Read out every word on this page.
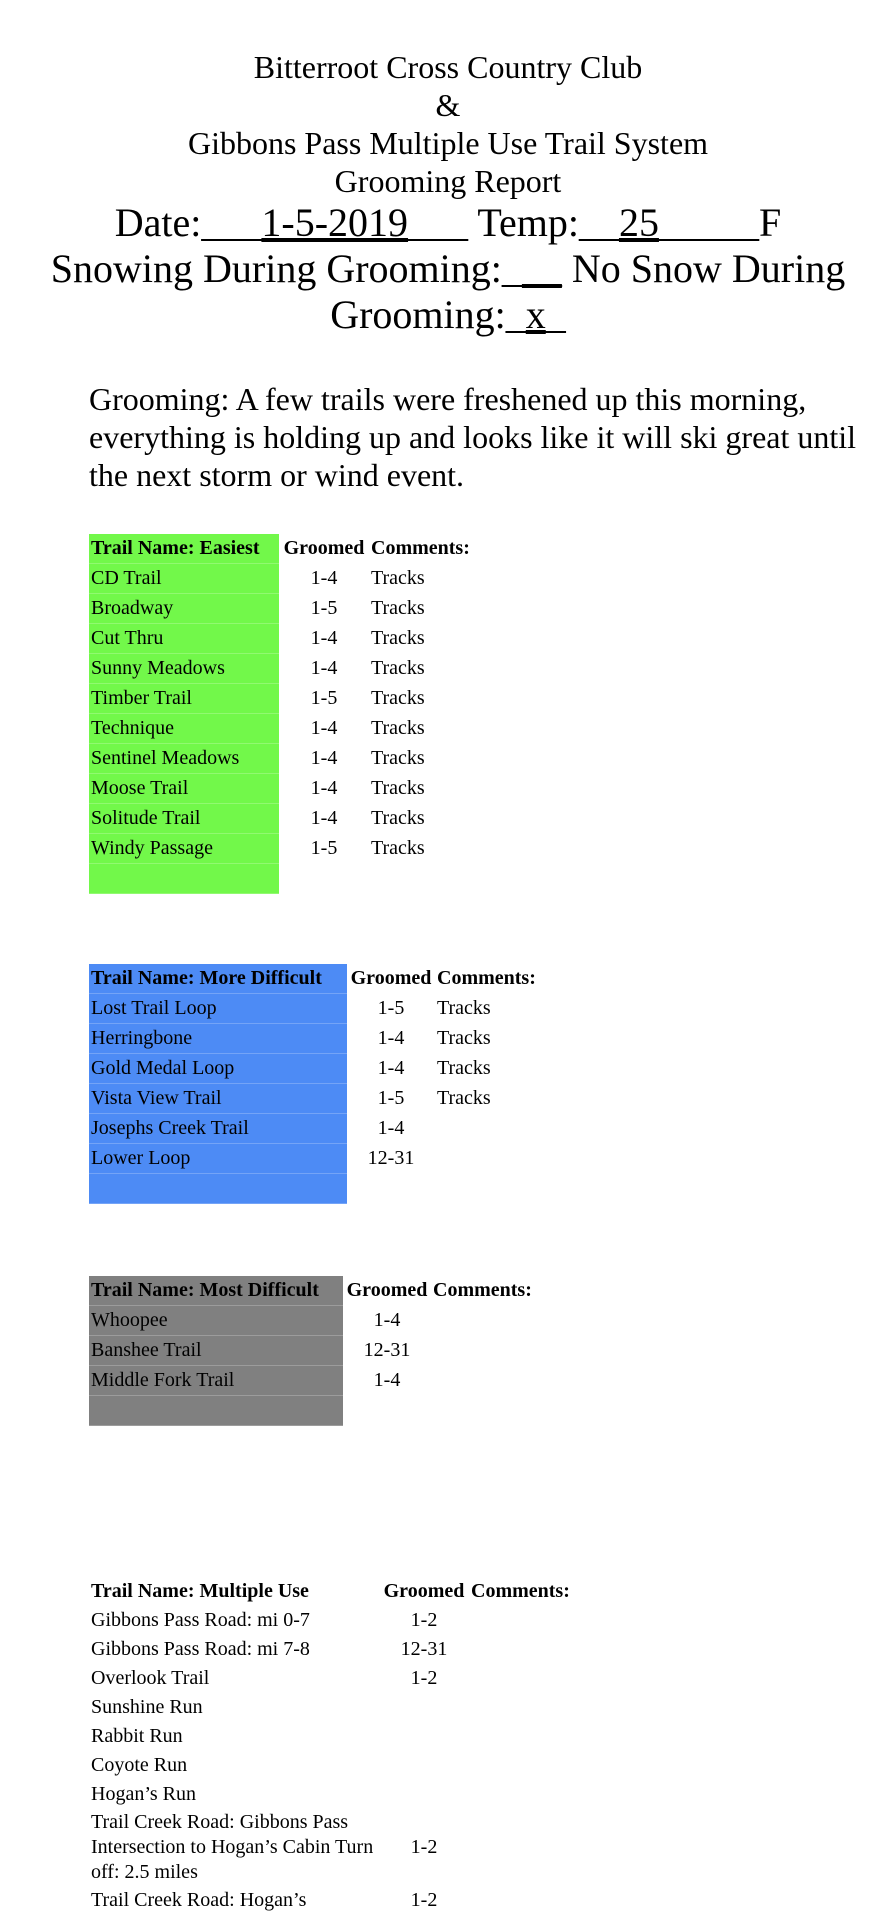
Bitterroot Cross Country Club
&
Gibbons Pass Multiple Use Trail System
Grooming Report
Date:___1-5-2019___ Temp:__25_____F
Snowing During Grooming:___ No Snow During
Grooming:_x_
Grooming: A few trails were freshened up this morning, everything is holding up and looks like it will ski great until the next storm or wind event.
Trail Name: Easiest	Groomed	Comments:
CD Trail	1-4	Tracks
Broadway	1-5	Tracks
Cut Thru	1-4	Tracks
Sunny Meadows	1-4	Tracks
Timber Trail	1-5	Tracks
Technique	1-4	Tracks
Sentinel Meadows	1-4	Tracks
Moose Trail	1-4	Tracks
Solitude Trail	1-4	Tracks
Windy Passage	1-5	Tracks

Trail Name: More Difficult	Groomed	Comments:
Lost Trail Loop	1-5	Tracks
Herringbone	1-4	Tracks
Gold Medal Loop	1-4	Tracks
Vista View Trail	1-5	Tracks
Josephs Creek Trail	1-4	
Lower Loop	12-31	

Trail Name: Most Difficult	Groomed	Comments:
Whoopee	1-4	
Banshee Trail	12-31	
Middle Fork Trail	1-4	

Trail Name: Multiple Use	Groomed	Comments:
Gibbons Pass Road: mi 0-7	1-2	
Gibbons Pass Road: mi 7-8	12-31	
Overlook Trail	1-2	
Sunshine Run		
Rabbit Run		
Coyote Run		
Hogan’s Run		
Trail Creek Road: Gibbons Pass Intersection to Hogan’s Cabin Turn off: 2.5 miles	1-2	
Trail Creek Road: Hogan’s	1-2	
